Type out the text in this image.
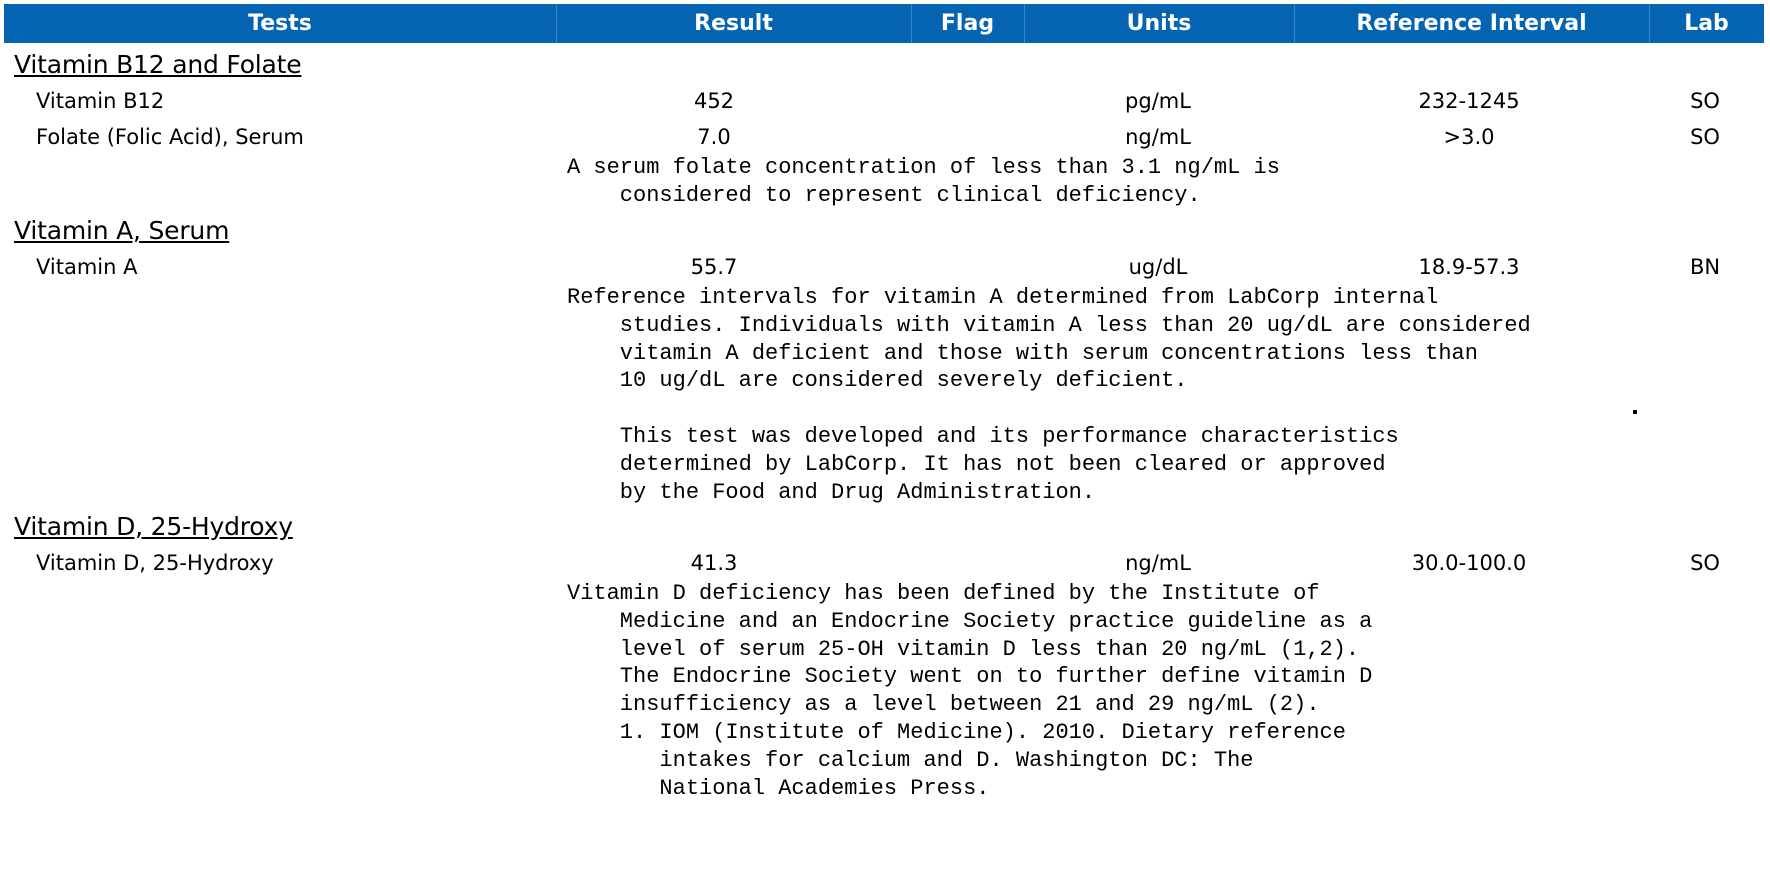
Tests	Result	Flag	Units	Reference Interval	Lab
Vitamin B12 and Folate
Vitamin B12	452	pg/mL	232-1245	SO
Folate (Folic Acid), Serum	7.0	ng/mL	>3.0	SO
A serum folate concentration of less than 3.1 ng/mL is
considered to represent clinical deficiency.
Vitamin A, Serum
Vitamin A	55.7	ug/dL	18.9-57.3	BN
Reference intervals for vitamin A determined from LabCorp internal
studies. Individuals with vitamin A less than 20 ug/dL are considered
vitamin A deficient and those with serum concentrations less than
10 ug/dL are considered severely deficient.

This test was developed and its performance characteristics
determined by LabCorp. It has not been cleared or approved
by the Food and Drug Administration.
Vitamin D, 25-Hydroxy
Vitamin D, 25-Hydroxy	41.3	ng/mL	30.0-100.0	SO
Vitamin D deficiency has been defined by the Institute of
Medicine and an Endocrine Society practice guideline as a
level of serum 25-OH vitamin D less than 20 ng/mL (1,2).
The Endocrine Society went on to further define vitamin D
insufficiency as a level between 21 and 29 ng/mL (2).
1. IOM (Institute of Medicine). 2010. Dietary reference
intakes for calcium and D. Washington DC: The
National Academies Press.
